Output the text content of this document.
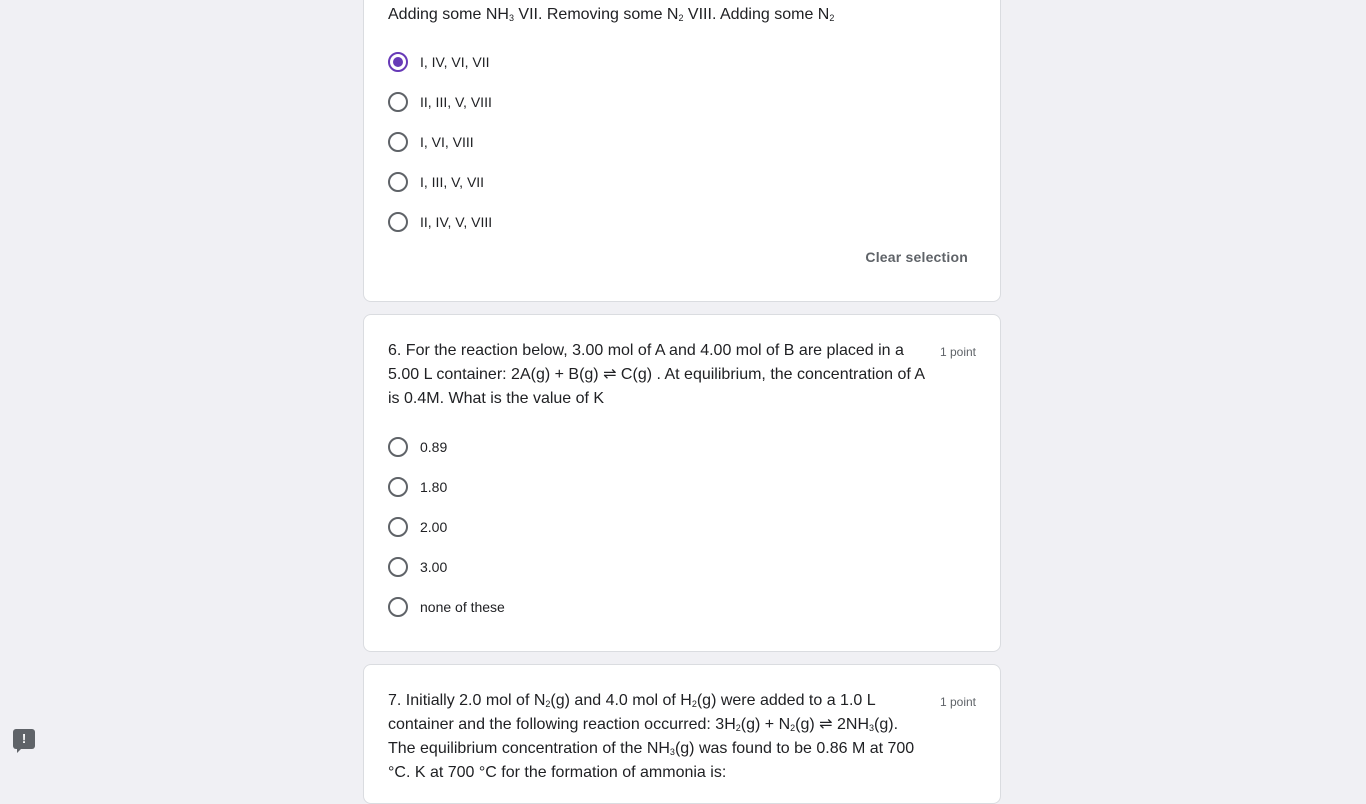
Adding some $NH_3$ VII. Removing some $N_2$ VIII. Adding some $N_2$
I, IV, VI, VII
II, III, V, VIII
I, VI, VIII
I, III, V, VII
II, IV, V, VIII
Clear selection
6. For the reaction below, 3.00 mol of A and 4.00 mol of B are placed in a 5.00 L container: 2A(g) + B(g) ⇌ C(g) . At equilibrium, the concentration of A is 0.4M. What is the value of K
1 point
0.89
1.80
2.00
3.00
none of these
7. Initially 2.0 mol of $N_2(g)$ and 4.0 mol of $H_2(g)$ were added to a 1.0 L container and the following reaction occurred: $3H_2(g) + N_2(g)$ ⇌ $2NH_3(g)$. The equilibrium concentration of the $NH_3(g)$ was found to be 0.86 M at 700 °C. K at 700 °C for the formation of ammonia is:
1 point
!
